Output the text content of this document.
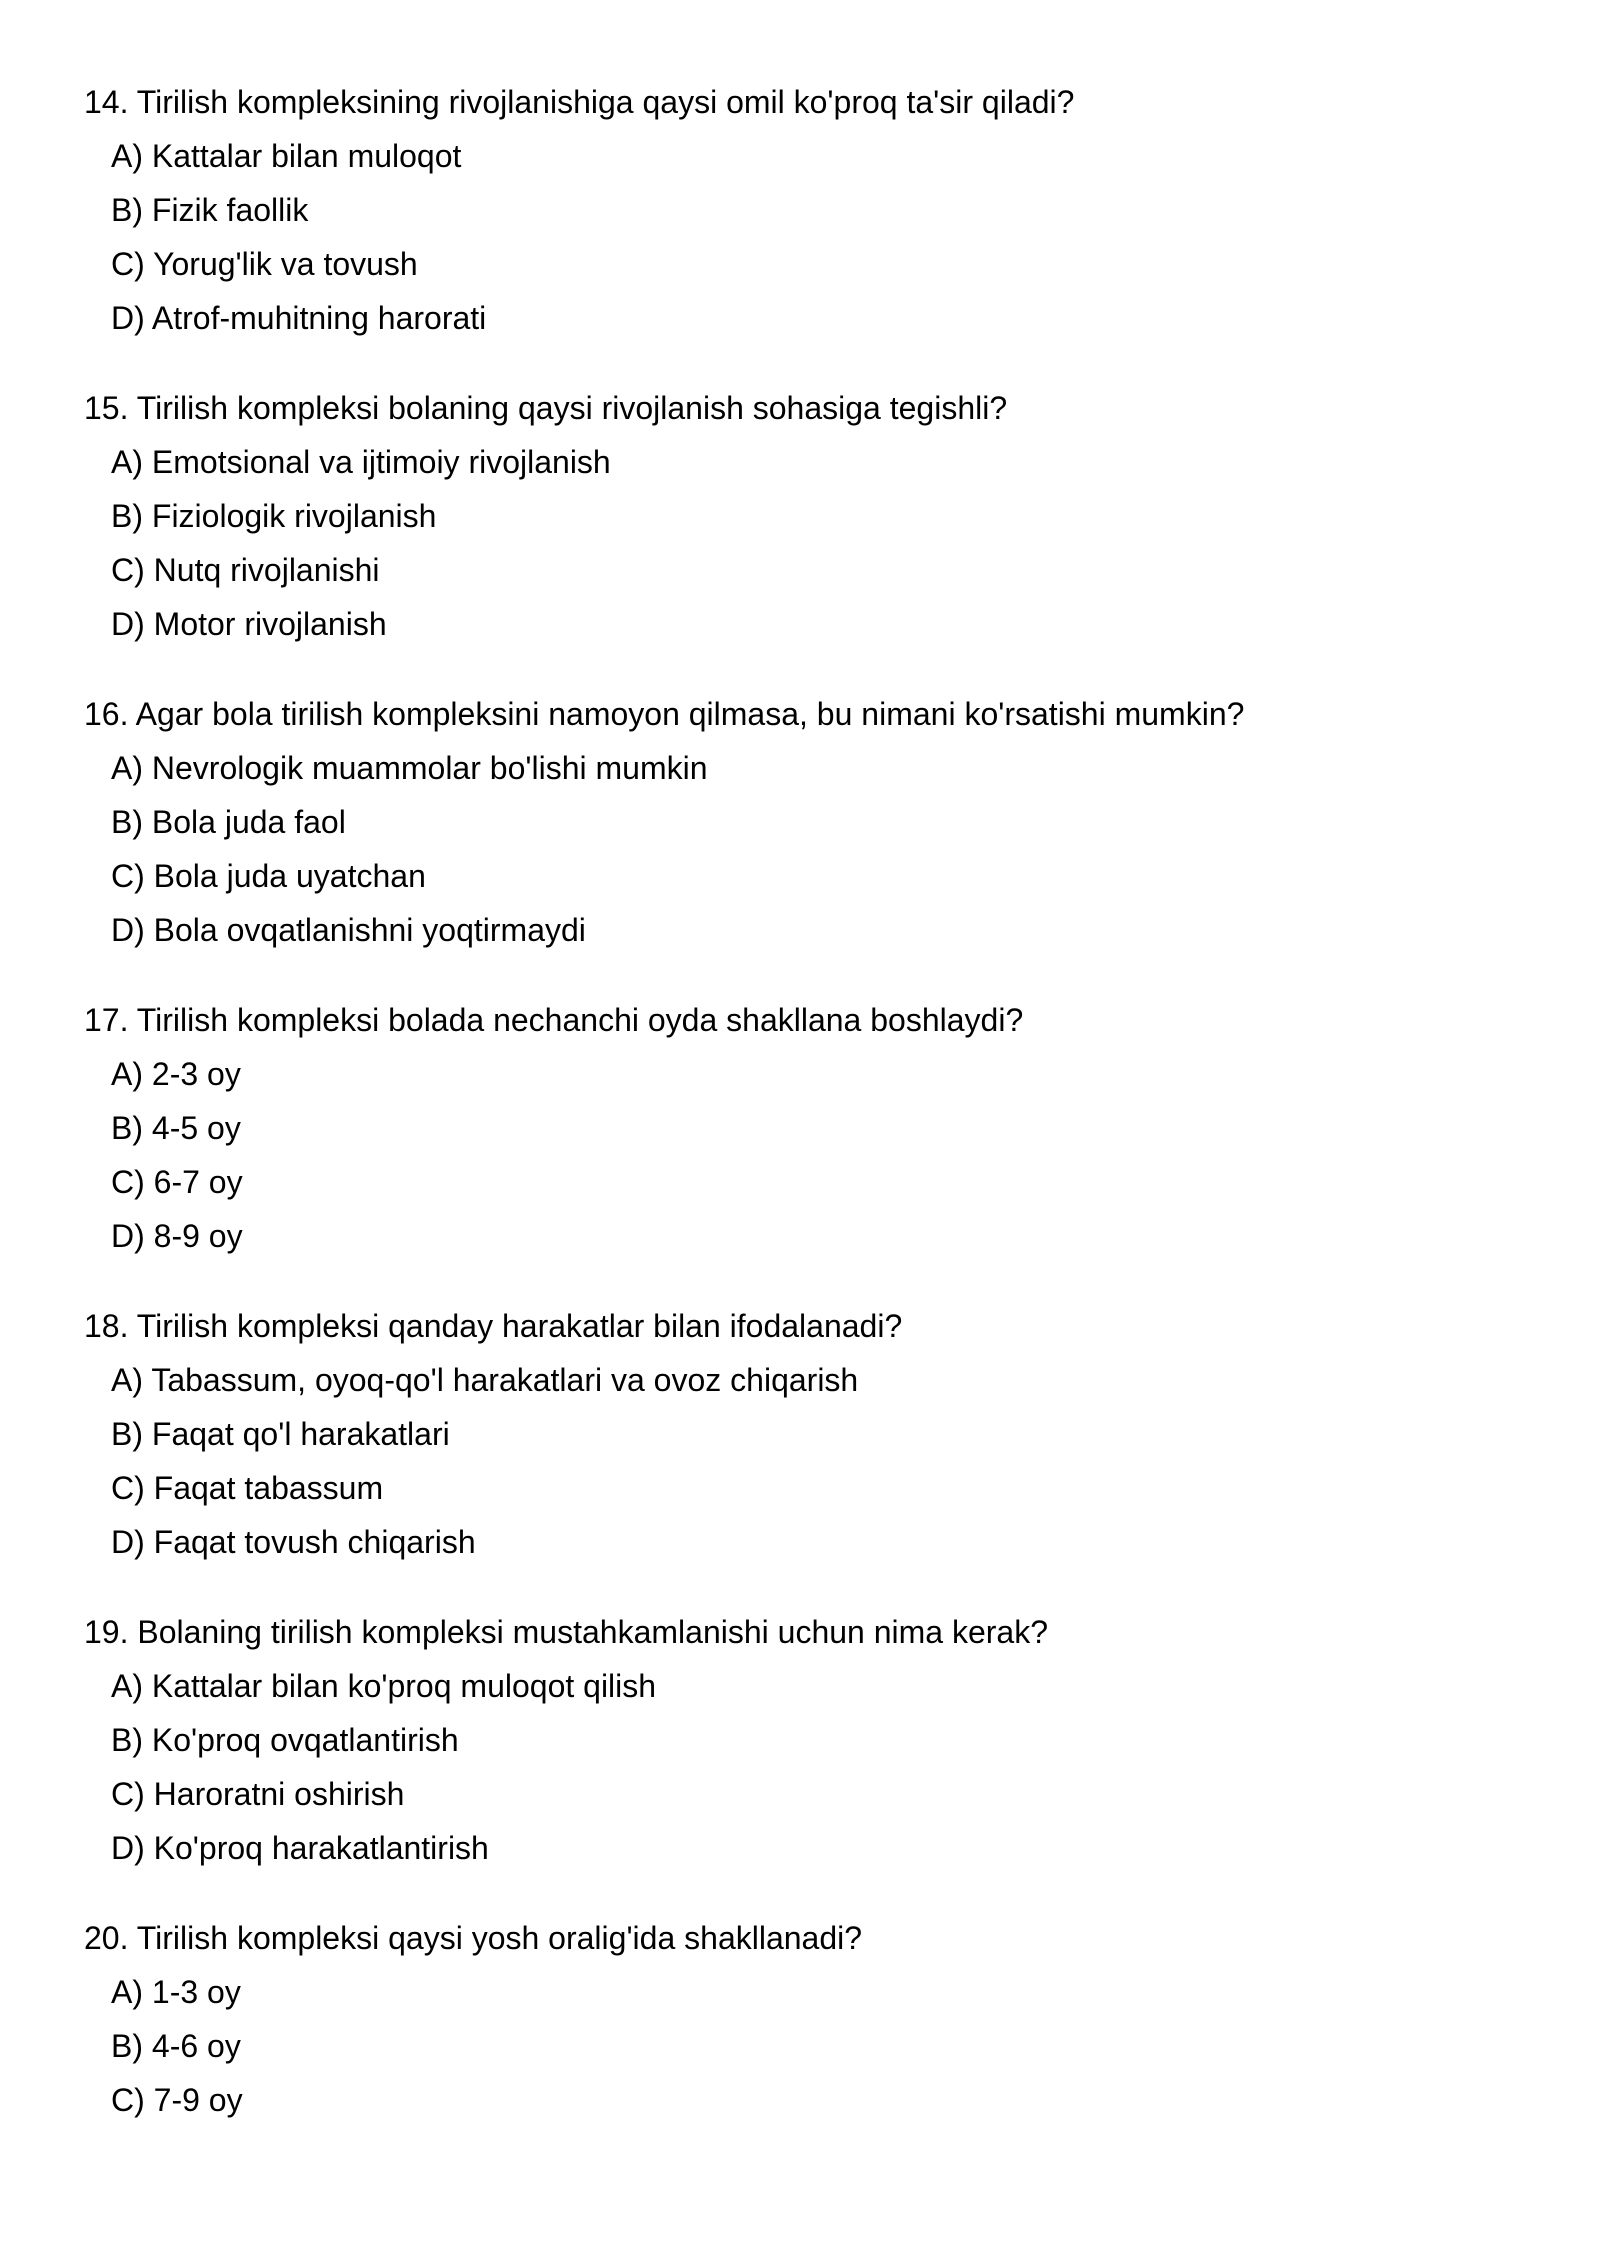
14. Tirilish kompleksining rivojlanishiga qaysi omil ko'proq ta'sir qiladi?

A) Kattalar bilan muloqot
B) Fizik faollik
C) Yorug'lik va tovush
D) Atrof-muhitning harorati

15. Tirilish kompleksi bolaning qaysi rivojlanish sohasiga tegishli?

A) Emotsional va ijtimoiy rivojlanish
B) Fiziologik rivojlanish
C) Nutq rivojlanishi
D) Motor rivojlanish

16. Agar bola tirilish kompleksini namoyon qilmasa, bu nimani ko'rsatishi mumkin?

A) Nevrologik muammolar bo'lishi mumkin
B) Bola juda faol
C) Bola juda uyatchan
D) Bola ovqatlanishni yoqtirmaydi

17. Tirilish kompleksi bolada nechanchi oyda shakllana boshlaydi?

A) 2-3 oy
B) 4-5 oy
C) 6-7 oy
D) 8-9 oy

18. Tirilish kompleksi qanday harakatlar bilan ifodalanadi?

A) Tabassum, oyoq-qo'l harakatlari va ovoz chiqarish
B) Faqat qo'l harakatlari
C) Faqat tabassum
D) Faqat tovush chiqarish

19. Bolaning tirilish kompleksi mustahkamlanishi uchun nima kerak?

A) Kattalar bilan ko'proq muloqot qilish
B) Ko'proq ovqatlantirish
C) Haroratni oshirish
D) Ko'proq harakatlantirish

20. Tirilish kompleksi qaysi yosh oralig'ida shakllanadi?

A) 1-3 oy
B) 4-6 oy
C) 7-9 oy
